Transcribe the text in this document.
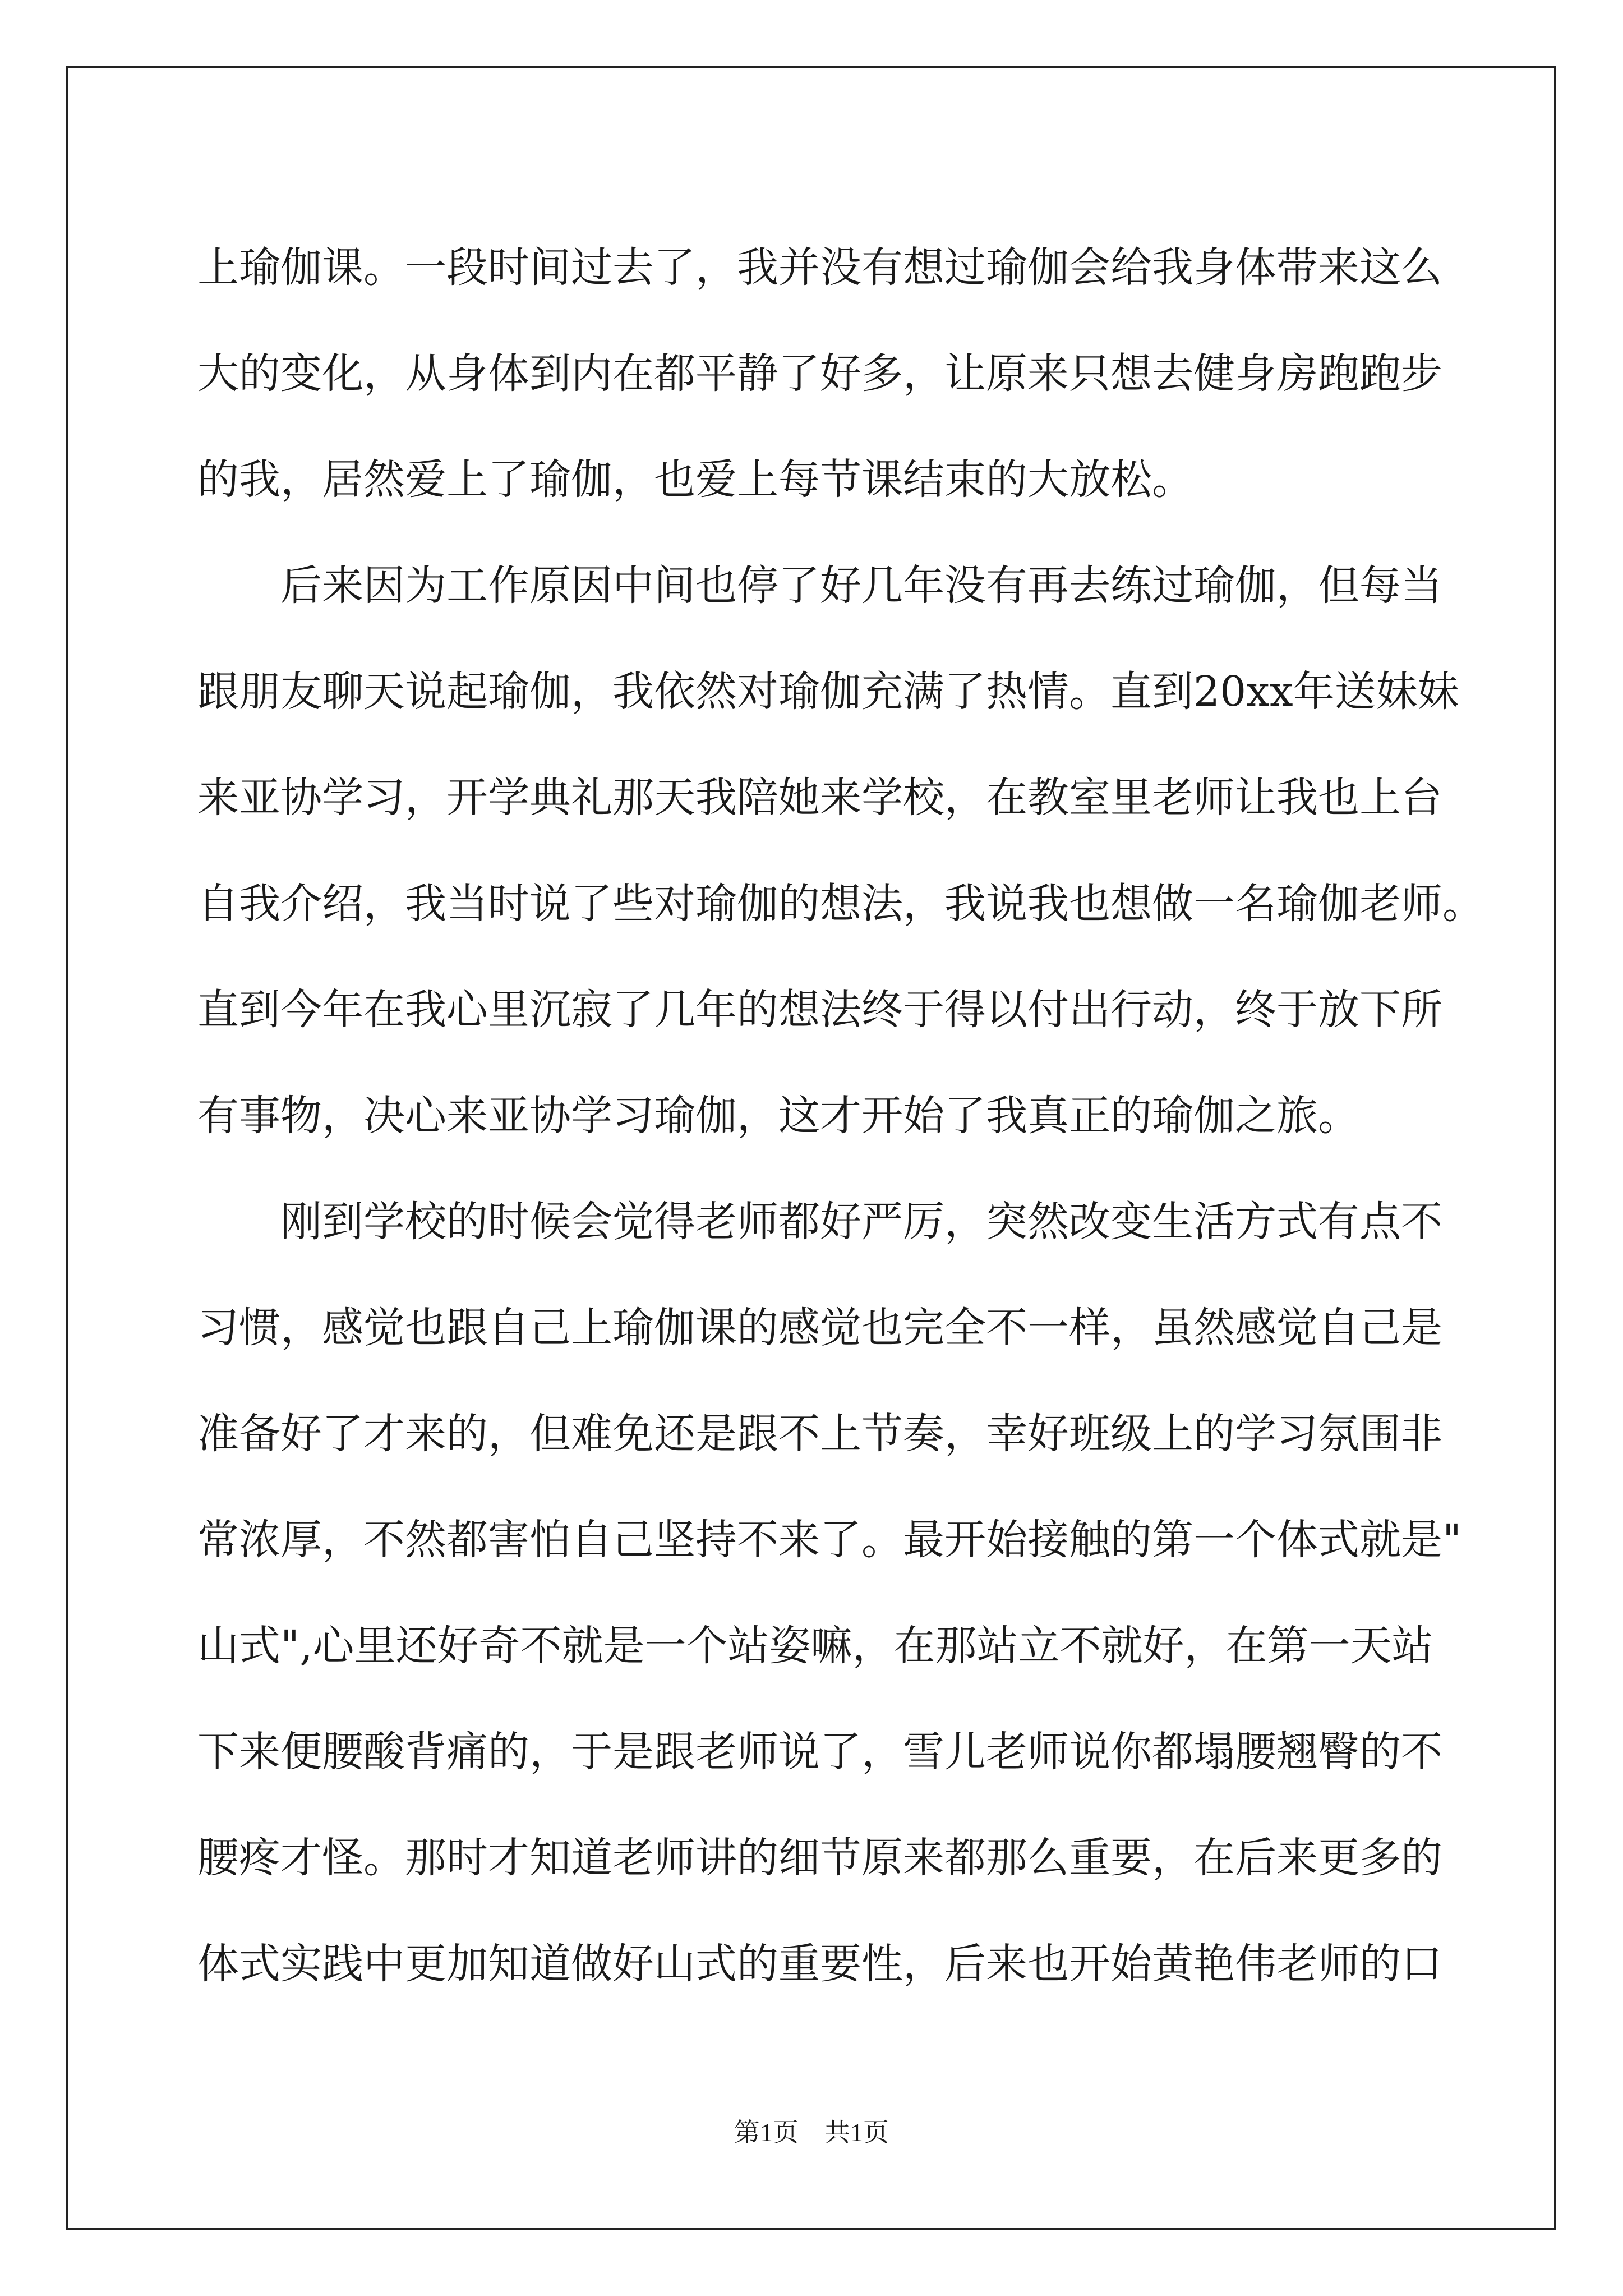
上瑜伽课。一段时间过去了，我并没有想过瑜伽会给我身体带来这么
大的变化，从身体到内在都平静了好多，让原来只想去健身房跑跑步
的我，居然爱上了瑜伽，也爱上每节课结束的大放松。
后来因为工作原因中间也停了好几年没有再去练过瑜伽，但每当
跟朋友聊天说起瑜伽，我依然对瑜伽充满了热情。直到20xx年送妹妹
来亚协学习，开学典礼那天我陪她来学校，在教室里老师让我也上台
自我介绍，我当时说了些对瑜伽的想法，我说我也想做一名瑜伽老师。
直到今年在我心里沉寂了几年的想法终于得以付出行动，终于放下所
有事物，决心来亚协学习瑜伽，这才开始了我真正的瑜伽之旅。
刚到学校的时候会觉得老师都好严厉，突然改变生活方式有点不
习惯，感觉也跟自己上瑜伽课的感觉也完全不一样，虽然感觉自己是
准备好了才来的，但难免还是跟不上节奏，幸好班级上的学习氛围非
常浓厚，不然都害怕自己坚持不来了。最开始接触的第一个体式就是"
山式",心里还好奇不就是一个站姿嘛，在那站立不就好，在第一天站
下来便腰酸背痛的，于是跟老师说了，雪儿老师说你都塌腰翘臀的不
腰疼才怪。那时才知道老师讲的细节原来都那么重要，在后来更多的
体式实践中更加知道做好山式的重要性，后来也开始黄艳伟老师的口
第1页　共1页
